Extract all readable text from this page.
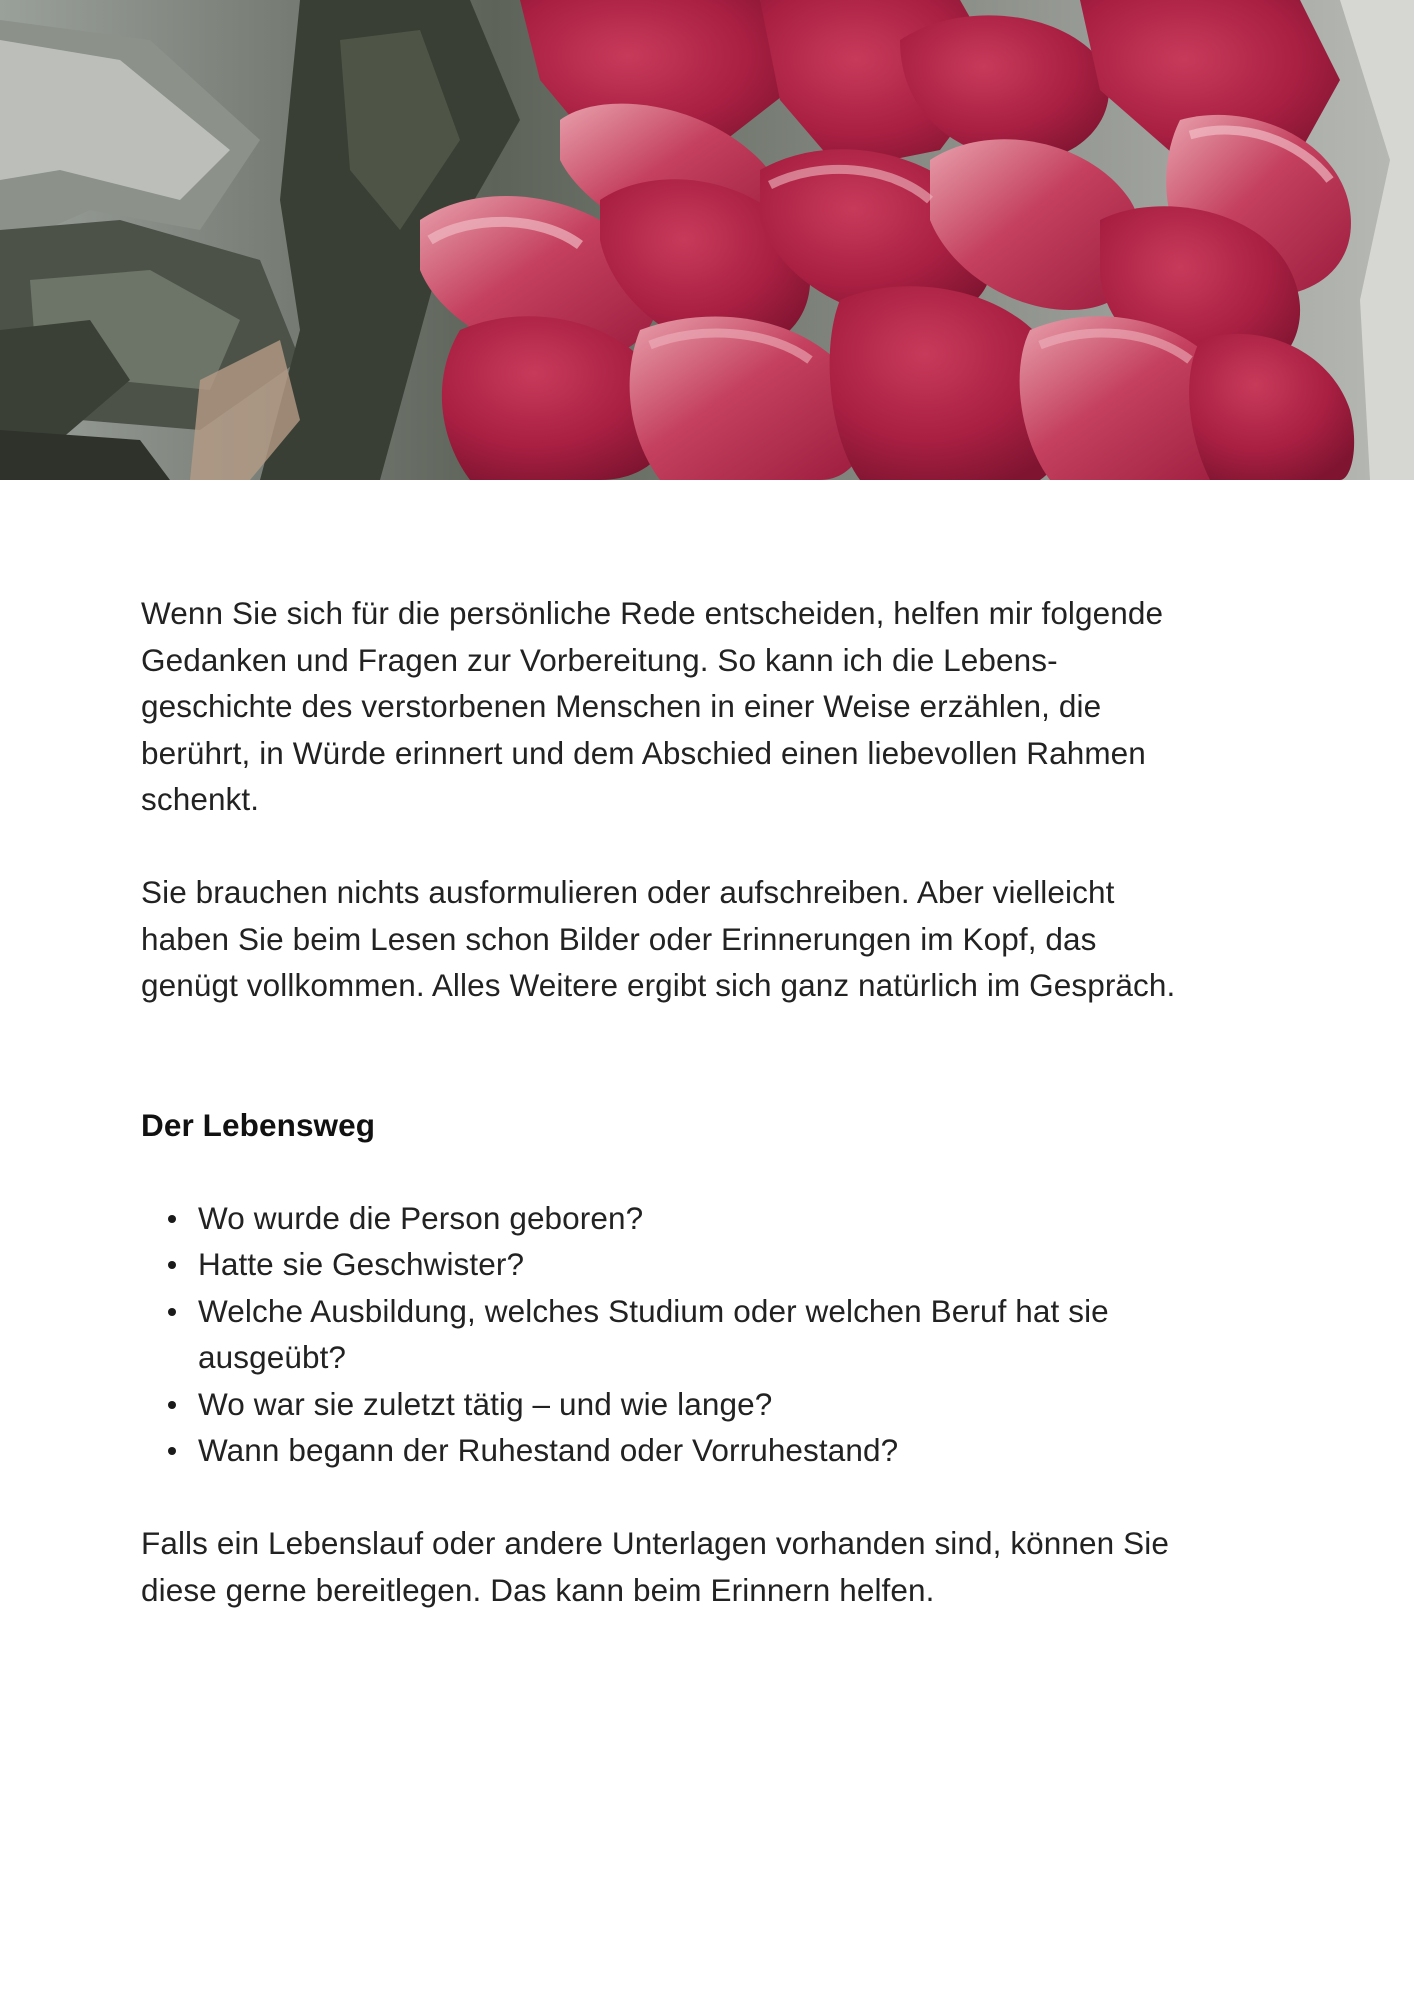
Wenn Sie sich für die persönliche Rede entscheiden, helfen mir folgende
Gedanken und Fragen zur Vorbereitung. So kann ich die Lebens-
geschichte des verstorbenen Menschen in einer Weise erzählen, die
berührt, in Würde erinnert und dem Abschied einen liebevollen Rahmen
schenkt.

Sie brauchen nichts ausformulieren oder aufschreiben. Aber vielleicht
haben Sie beim Lesen schon Bilder oder Erinnerungen im Kopf, das
genügt vollkommen. Alles Weitere ergibt sich ganz natürlich im Gespräch.

Der Lebensweg
Wo wurde die Person geboren?
Hatte sie Geschwister?
Welche Ausbildung, welches Studium oder welchen Beruf hat sie
ausgeübt?
Wo war sie zuletzt tätig – und wie lange?
Wann begann der Ruhestand oder Vorruhestand?

Falls ein Lebenslauf oder andere Unterlagen vorhanden sind, können Sie
diese gerne bereitlegen. Das kann beim Erinnern helfen.
